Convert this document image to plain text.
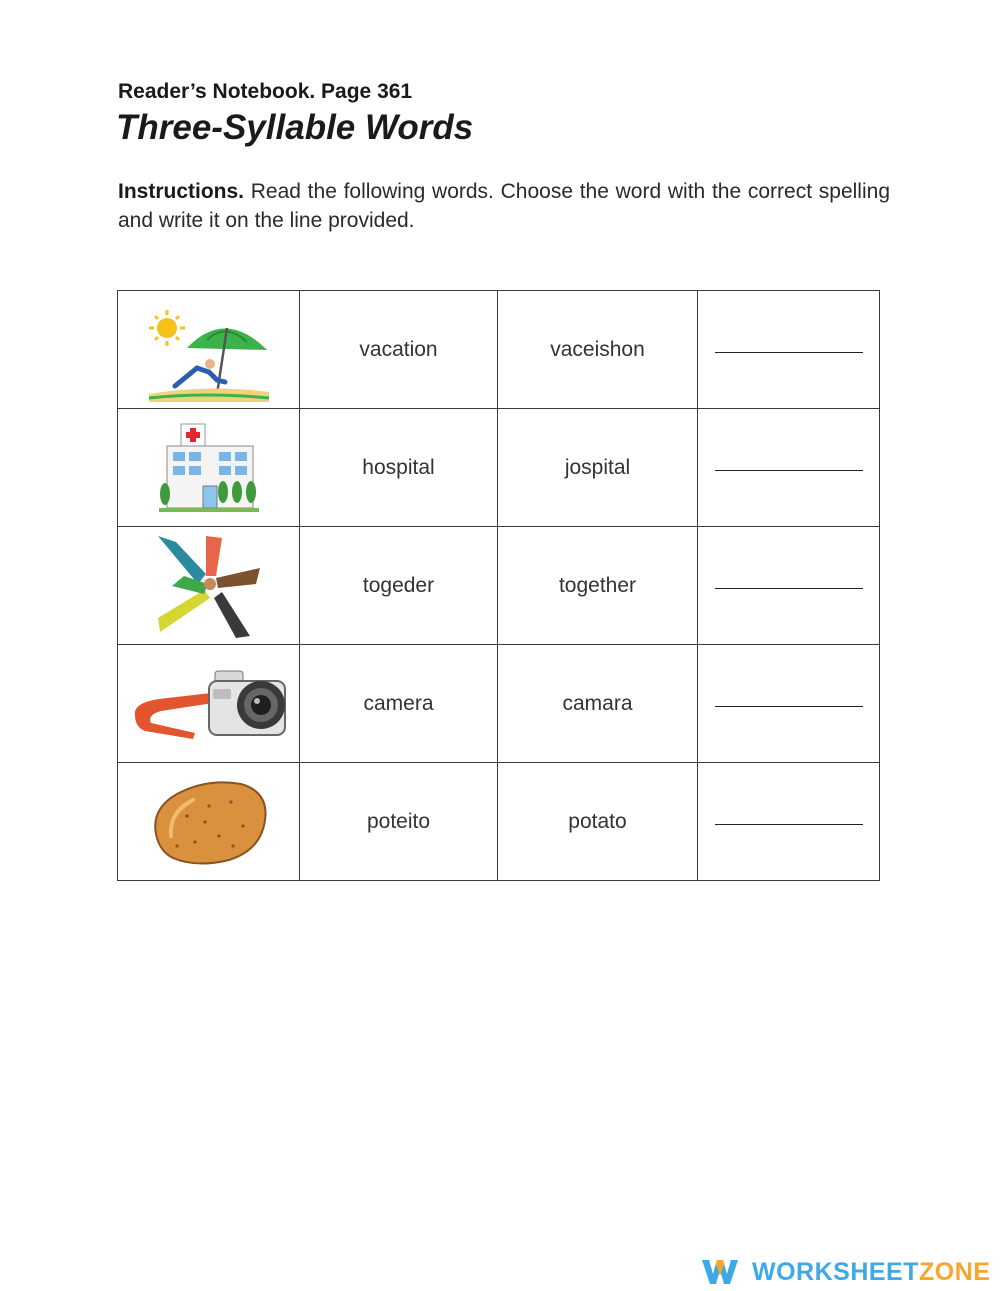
Reader’s Notebook. Page 361
Three-Syllable Words

Instructions. Read the following words. Choose the word with the correct spelling and write it on the line provided.

	vacation	vaceishon	

	hospital	jospital	

	togeder	together	

	camera	camara	

	poteito	potato	
WORKSHEETZONE
